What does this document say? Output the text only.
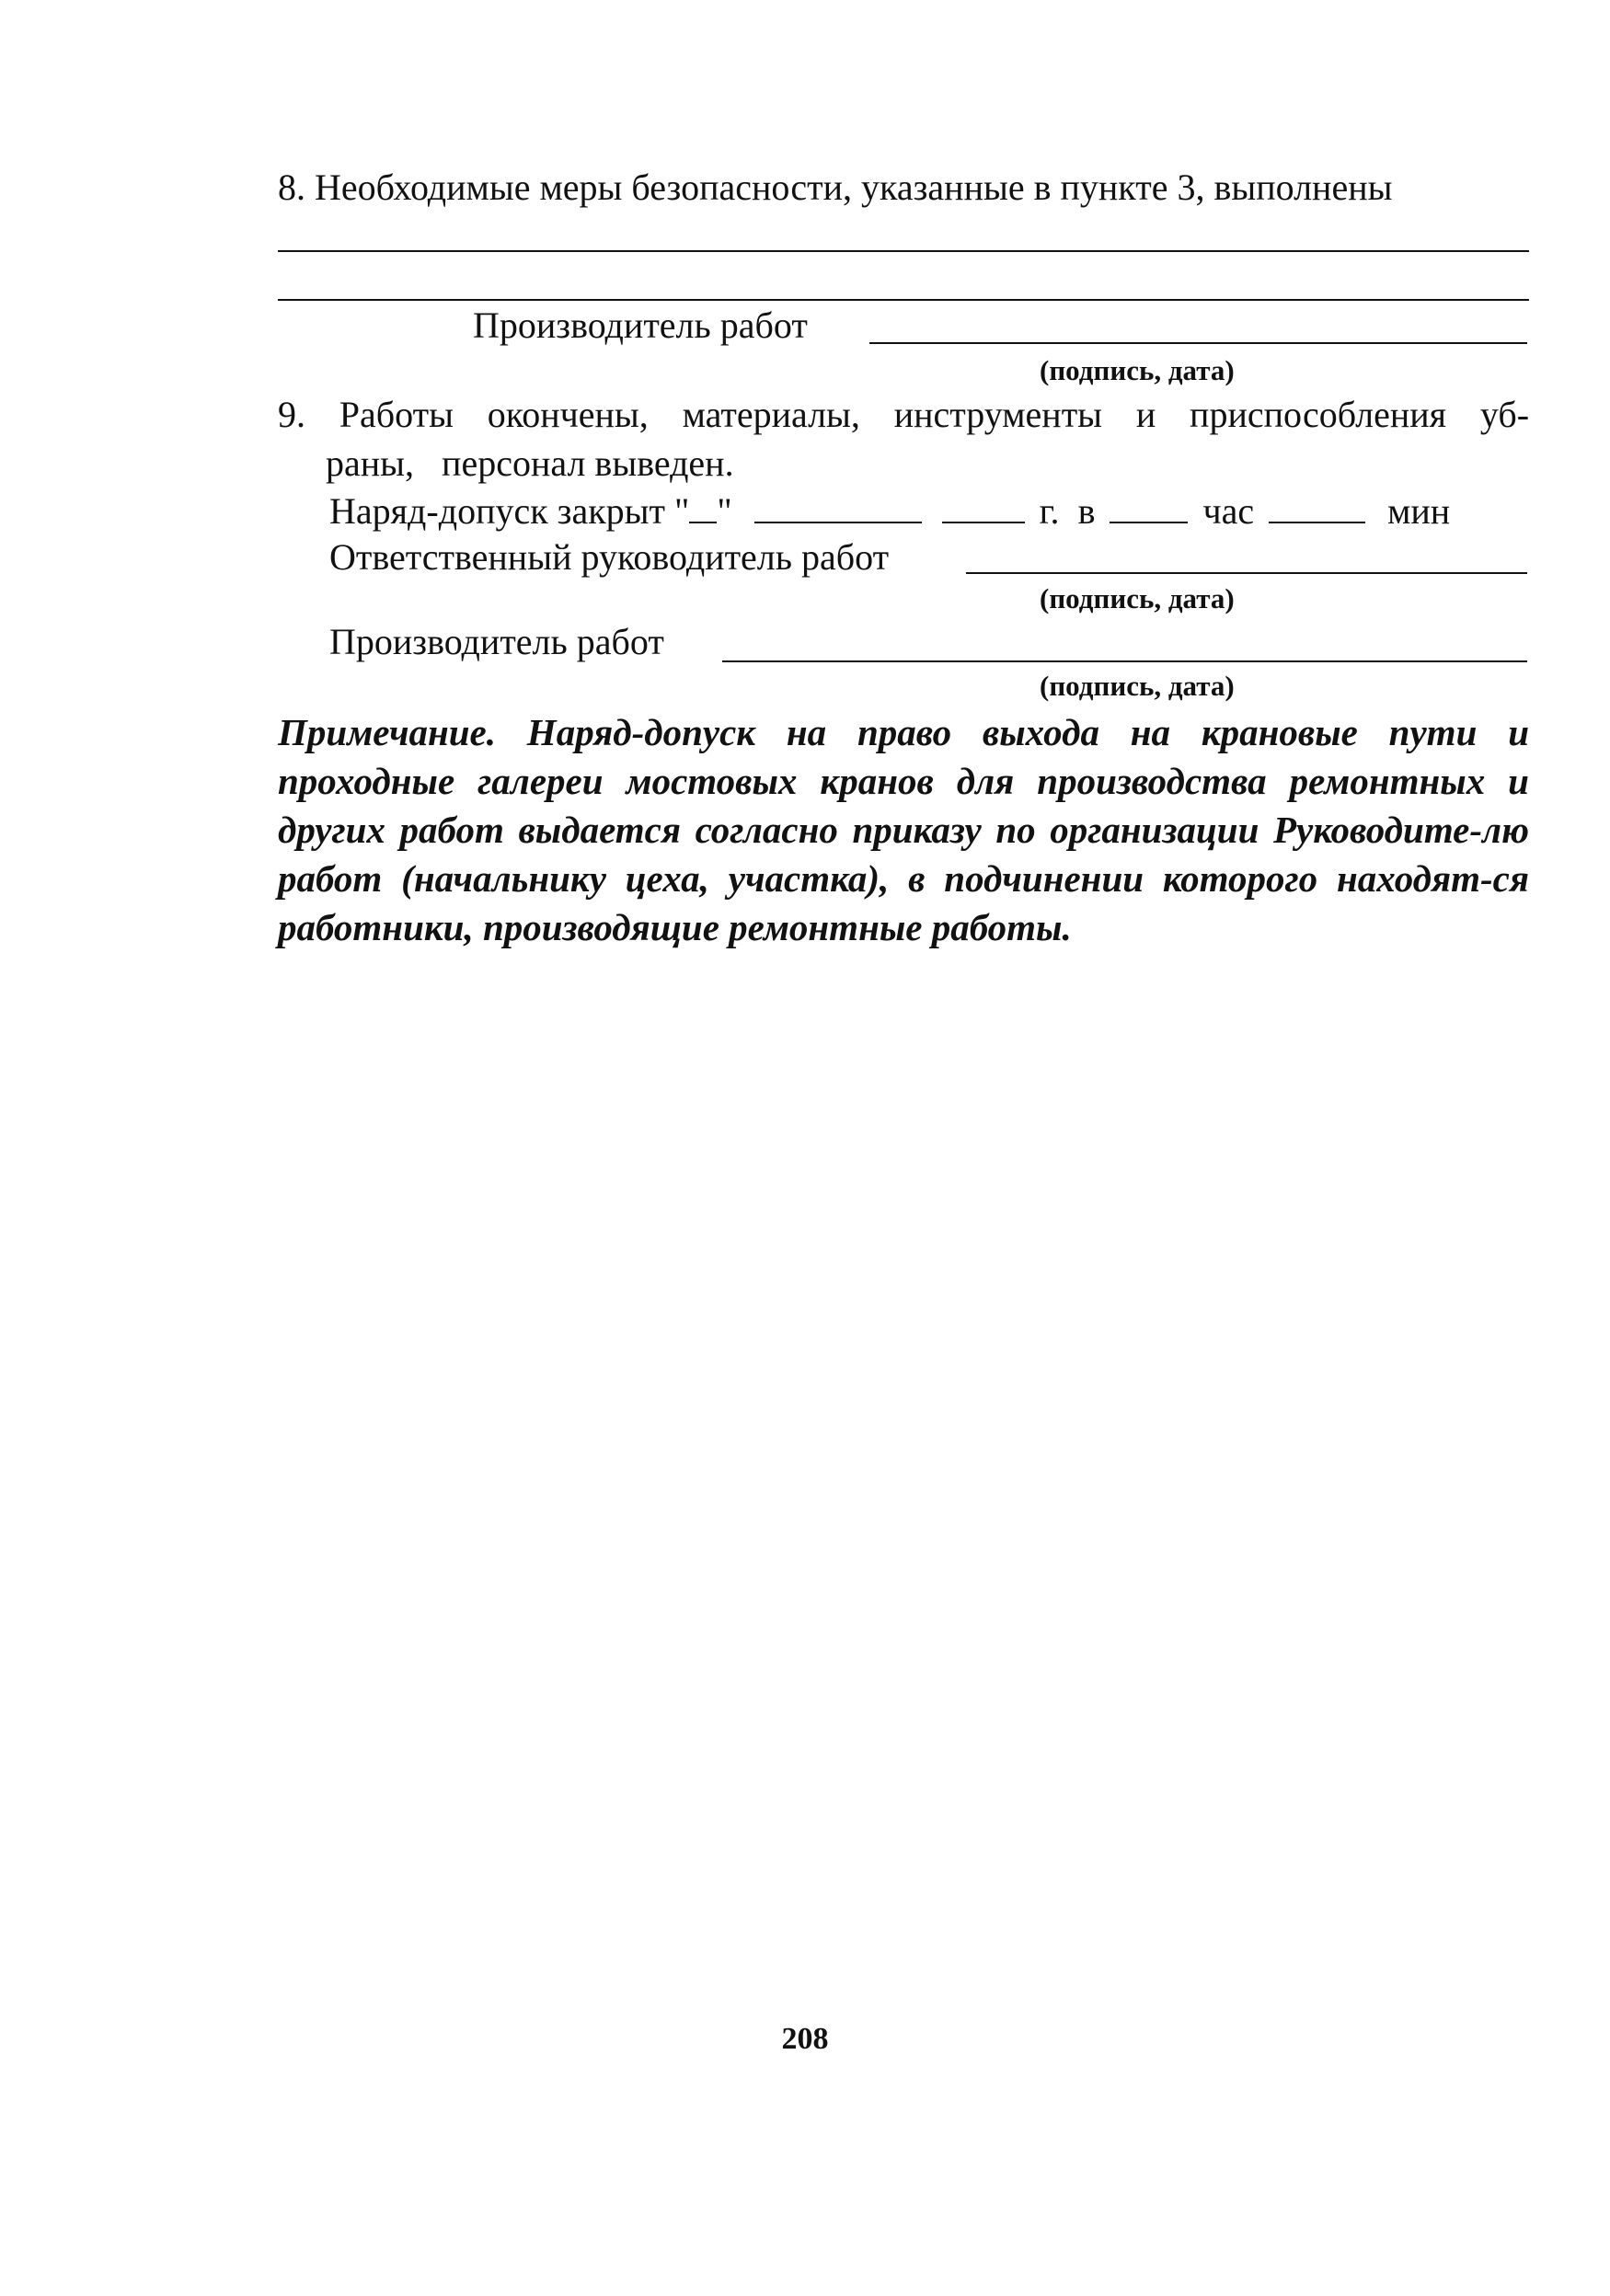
8. Необходимые меры безопасности, указанные в пункте 3, выполнены
Производитель работ
(подпись, дата)
9. Работы окончены, материалы, инструменты и приспособления уб-
раны, персонал выведен.
Наряд-допуск закрыт " "	г. в	час	мин
Ответственный руководитель работ
(подпись, дата)
Производитель работ
(подпись, дата)

Примечание. Наряд-допуск на право выхода на крановые пути и проходные галереи мостовых кранов для производства ремонтных и других работ выдается согласно приказу по организации Руководите-лю работ (начальнику цеха, участка), в подчинении которого находят-ся работники, производящие ремонтные работы.

208
